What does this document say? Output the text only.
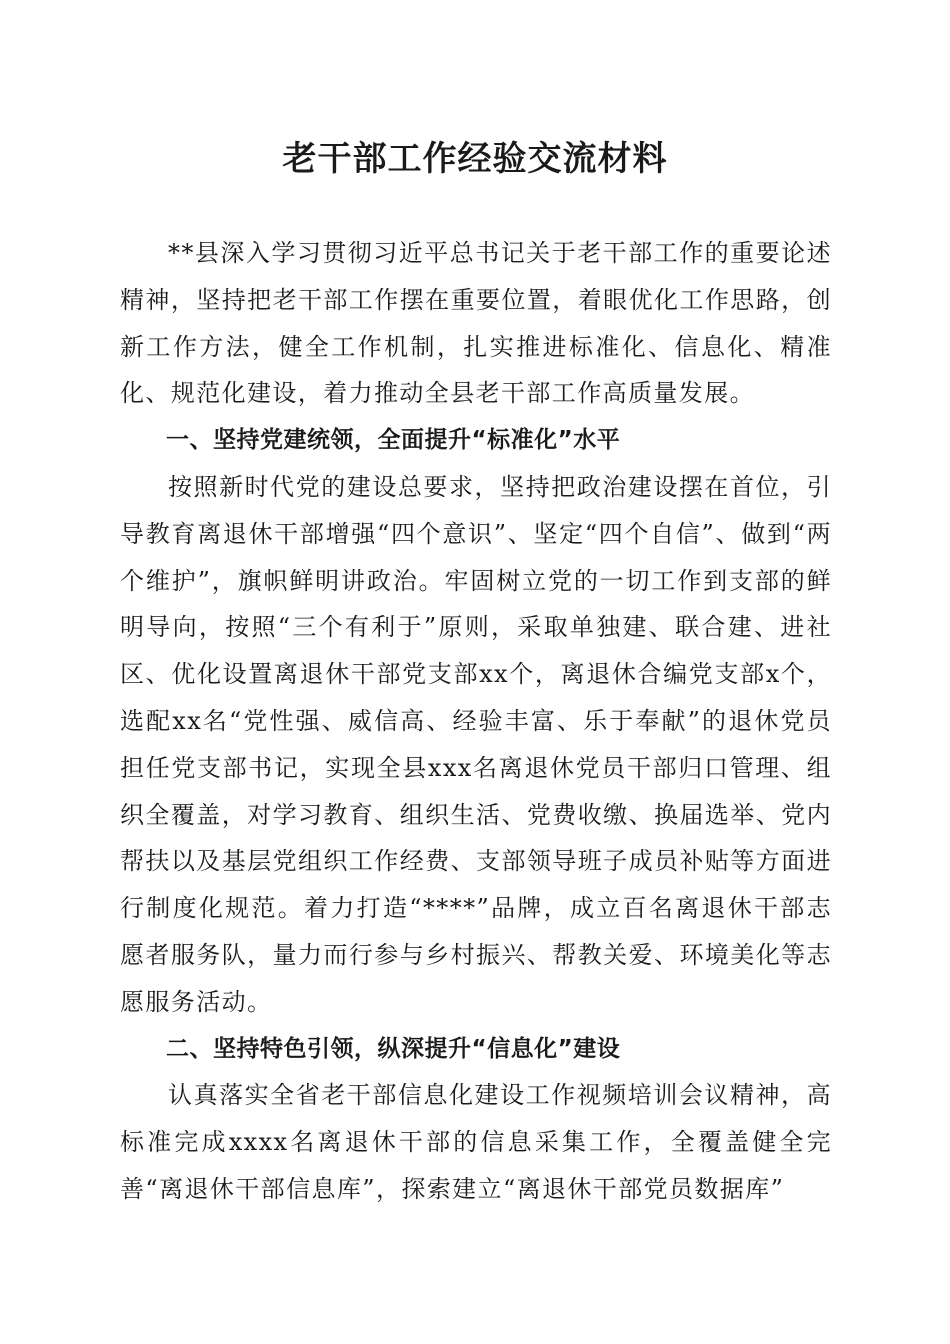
老干部工作经验交流材料

**县深入学习贯彻习近平总书记关于老干部工作的重要论述精神，坚持把老干部工作摆在重要位置，着眼优化工作思路，创新工作方法，健全工作机制，扎实推进标准化、信息化、精准化、规范化建设，着力推动全县老干部工作高质量发展。

一、坚持党建统领，全面提升“标准化”水平

按照新时代党的建设总要求，坚持把政治建设摆在首位，引导教育离退休干部增强“四个意识”、坚定“四个自信”、做到“两个维护”，旗帜鲜明讲政治。牢固树立党的一切工作到支部的鲜明导向，按照“三个有利于”原则，采取单独建、联合建、进社区、优化设置离退休干部党支部xx个，离退休合编党支部x个，选配xx名“党性强、威信高、经验丰富、乐于奉献”的退休党员担任党支部书记，实现全县xxx名离退休党员干部归口管理、组织全覆盖，对学习教育、组织生活、党费收缴、换届选举、党内帮扶以及基层党组织工作经费、支部领导班子成员补贴等方面进行制度化规范。着力打造“****”品牌，成立百名离退休干部志愿者服务队，量力而行参与乡村振兴、帮教关爱、环境美化等志愿服务活动。

二、坚持特色引领，纵深提升“信息化”建设

认真落实全省老干部信息化建设工作视频培训会议精神，高标准完成xxxx名离退休干部的信息采集工作，全覆盖健全完善“离退休干部信息库”，探索建立“离退休干部党员数据库”
